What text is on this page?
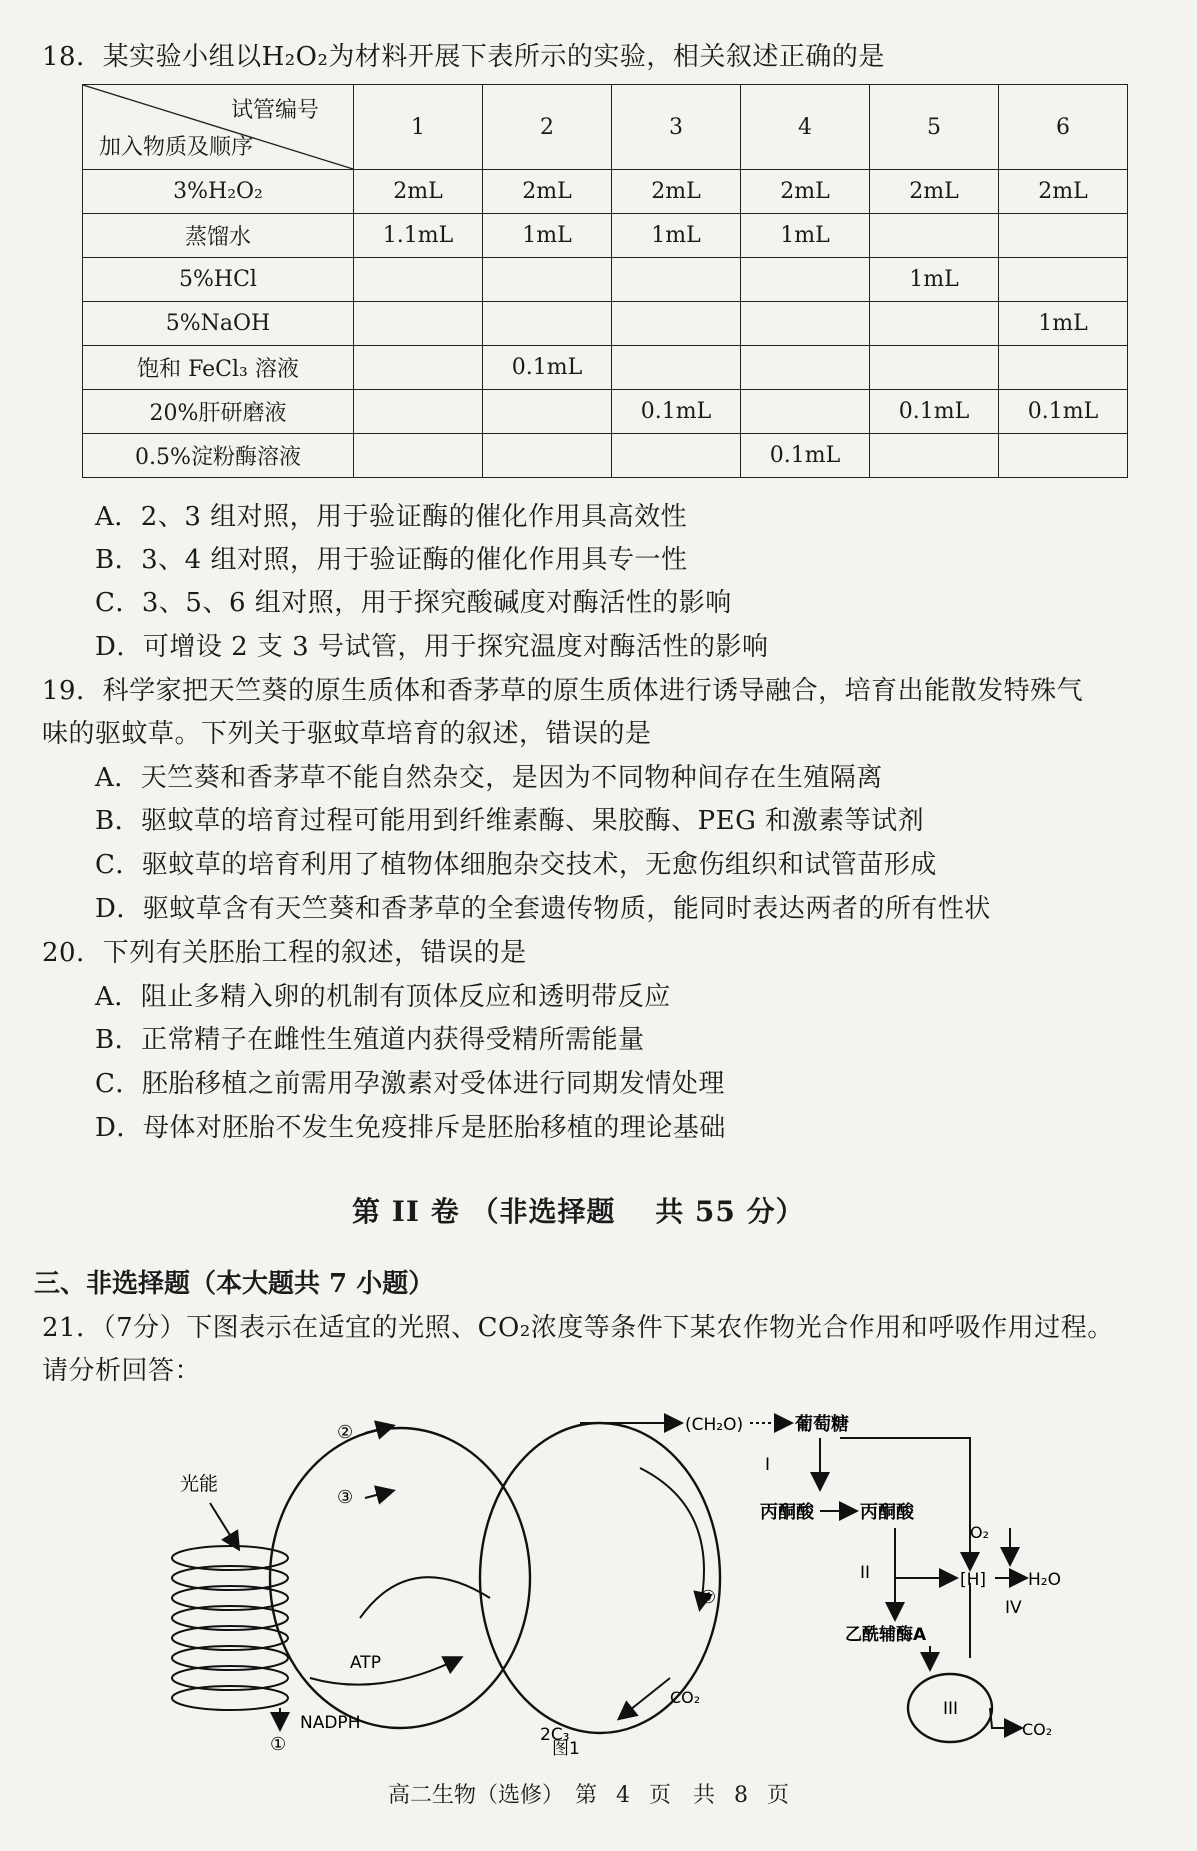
18．某实验小组以H₂O₂为材料开展下表所示的实验，相关叙述正确的是
试管编号
加入物质及顺序	1	2	3	4	5	6
3%H₂O₂	2mL	2mL	2mL	2mL	2mL	2mL
蒸馏水	1.1mL	1mL	1mL	1mL		
5%HCl					1mL	
5%NaOH						1mL
饱和 FeCl₃ 溶液		0.1mL				
20%肝研磨液			0.1mL		0.1mL	0.1mL
0.5%淀粉酶溶液				0.1mL		
A．2、3 组对照，用于验证酶的催化作用具高效性
B．3、4 组对照，用于验证酶的催化作用具专一性
C．3、5、6 组对照，用于探究酸碱度对酶活性的影响
D．可增设 2 支 3 号试管，用于探究温度对酶活性的影响
19．科学家把天竺葵的原生质体和香茅草的原生质体进行诱导融合，培育出能散发特殊气
味的驱蚊草。下列关于驱蚊草培育的叙述，错误的是
A．天竺葵和香茅草不能自然杂交，是因为不同物种间存在生殖隔离
B．驱蚊草的培育过程可能用到纤维素酶、果胶酶、PEG 和激素等试剂
C．驱蚊草的培育利用了植物体细胞杂交技术，无愈伤组织和试管苗形成
D．驱蚊草含有天竺葵和香茅草的全套遗传物质，能同时表达两者的所有性状
20．下列有关胚胎工程的叙述，错误的是
A．阻止多精入卵的机制有顶体反应和透明带反应
B．正常精子在雌性生殖道内获得受精所需能量
C．胚胎移植之前需用孕激素对受体进行同期发情处理
D．母体对胚胎不发生免疫排斥是胚胎移植的理论基础
第 II 卷 （非选择题　 共 55 分）
三、非选择题（本大题共 7 小题）
21．（7分）下图表示在适宜的光照、CO₂浓度等条件下某农作物光合作用和呼吸作用过程。
请分析回答：
光能
①
②
③
ATP
NADPH
④
2C₃
CO₂
(CH₂O)	葡萄糖
I
丙酮酸	丙酮酸
O₂
II	[H] H₂O
IV
乙酰辅酶A
III
CO₂
图1
高二生物（选修）　第 4 页　共 8 页
